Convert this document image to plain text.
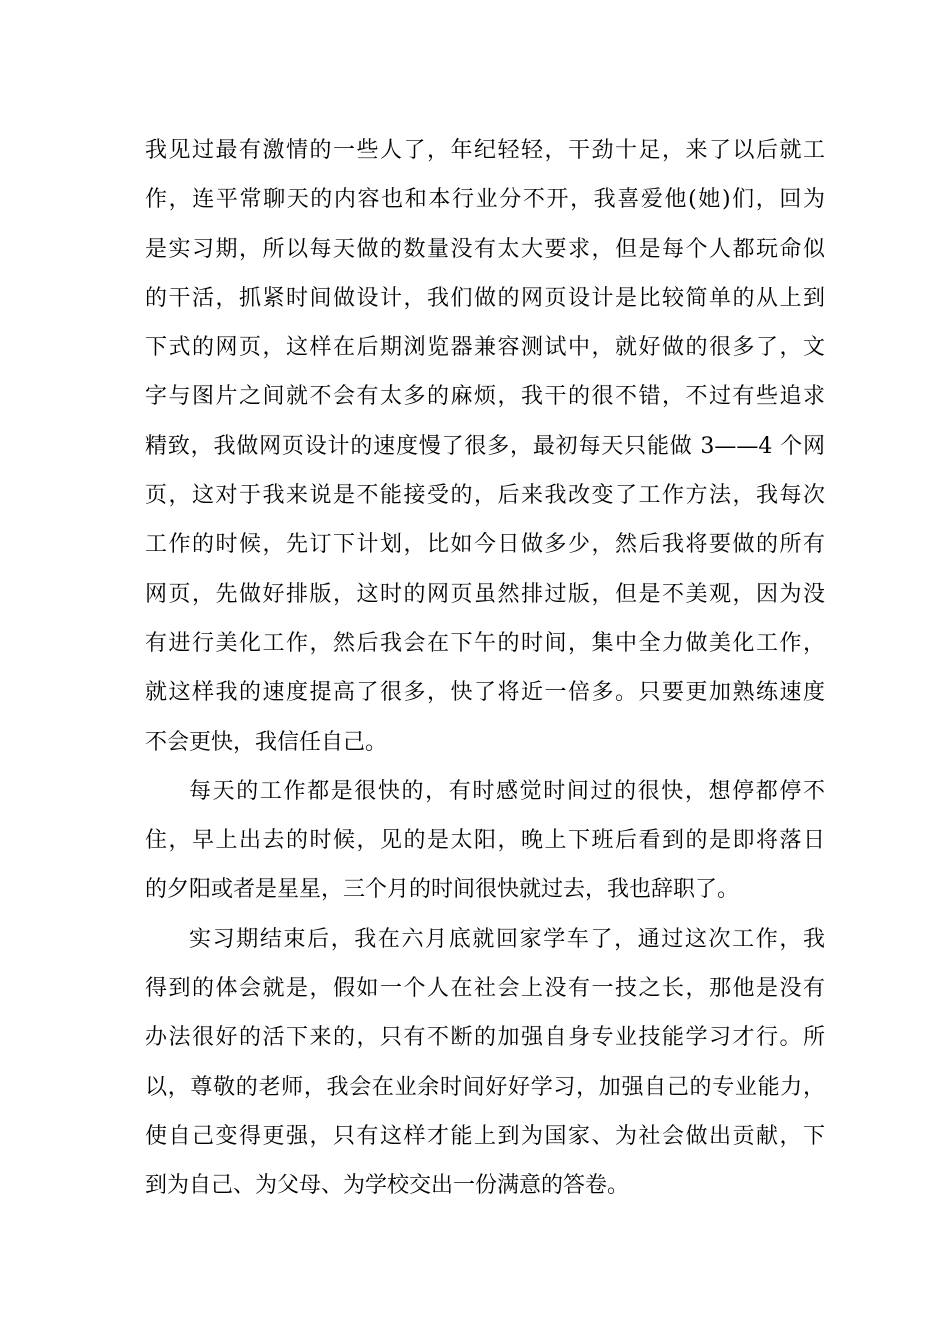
我见过最有激情的一些人了，年纪轻轻，干劲十足，来了以后就工
作，连平常聊天的内容也和本行业分不开，我喜爱他(她)们，回为
是实习期，所以每天做的数量没有太大要求，但是每个人都玩命似
的干活，抓紧时间做设计，我们做的网页设计是比较简单的从上到
下式的网页，这样在后期浏览器兼容测试中，就好做的很多了，文
字与图片之间就不会有太多的麻烦，我干的很不错，不过有些追求
精致，我做网页设计的速度慢了很多，最初每天只能做 3——4 个网
页，这对于我来说是不能接受的，后来我改变了工作方法，我每次
工作的时候，先订下计划，比如今日做多少，然后我将要做的所有
网页，先做好排版，这时的网页虽然排过版，但是不美观，因为没
有进行美化工作，然后我会在下午的时间，集中全力做美化工作，
就这样我的速度提高了很多，快了将近一倍多。只要更加熟练速度
不会更快，我信任自己。
每天的工作都是很快的，有时感觉时间过的很快，想停都停不
住，早上出去的时候，见的是太阳，晚上下班后看到的是即将落日
的夕阳或者是星星，三个月的时间很快就过去，我也辞职了。
实习期结束后，我在六月底就回家学车了，通过这次工作，我
得到的体会就是，假如一个人在社会上没有一技之长，那他是没有
办法很好的活下来的，只有不断的加强自身专业技能学习才行。所
以，尊敬的老师，我会在业余时间好好学习，加强自己的专业能力，
使自己变得更强，只有这样才能上到为国家、为社会做出贡献，下
到为自己、为父母、为学校交出一份满意的答卷。
